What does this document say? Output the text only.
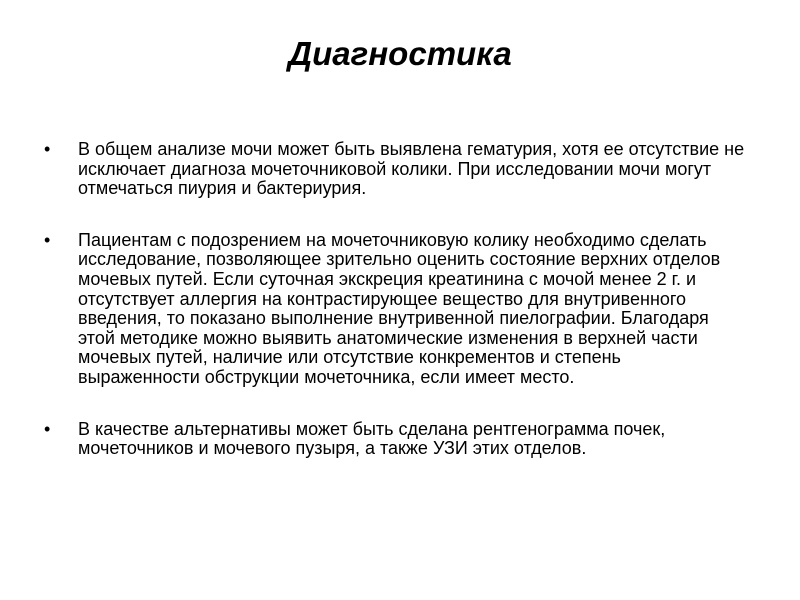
Диагностика
• В общем анализе мочи может быть выявлена гематурия, хотя ее отсутствие не исключает диагноза мочеточниковой колики. При исследовании мочи могут отмечаться пиурия и бактериурия.
• Пациентам с подозрением на мочеточниковую колику необходимо сделать исследование, позволяющее зрительно оценить состояние верхних отделов мочевых путей. Если суточная экскреция креатинина с мочой менее 2 г. и отсутствует аллергия на контрастирующее вещество для внутривенного введения, то показано выполнение внутривенной пиелографии. Благодаря этой методике можно выявить анатомические изменения в верхней части мочевых путей, наличие или отсутствие конкрементов и степень выраженности обструкции мочеточника, если имеет место.
• В качестве альтернативы может быть сделана рентгенограмма почек, мочеточников и мочевого пузыря, а также УЗИ этих отделов.
